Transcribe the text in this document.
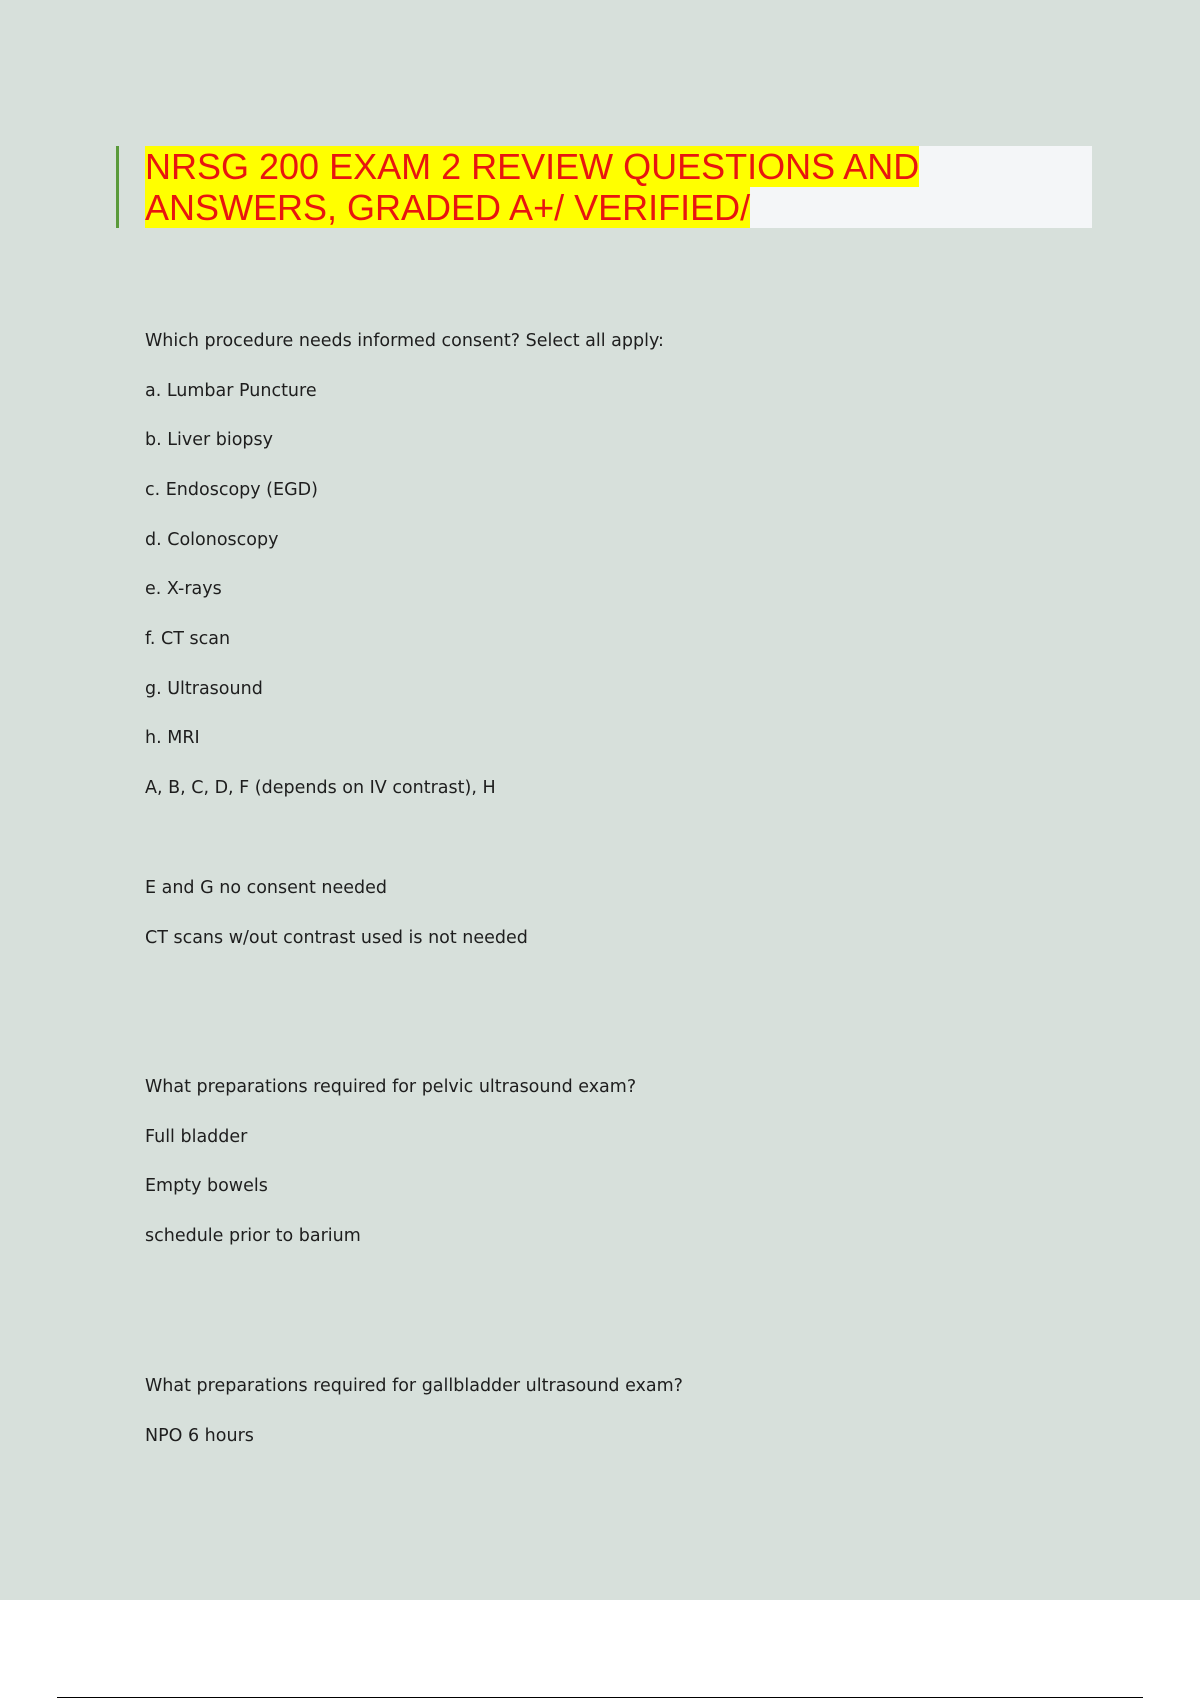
NRSG 200 EXAM 2 REVIEW QUESTIONS AND
ANSWERS, GRADED A+/ VERIFIED/

Which procedure needs informed consent? Select all apply:

a. Lumbar Puncture

b. Liver biopsy

c. Endoscopy (EGD)

d. Colonoscopy

e. X-rays

f. CT scan

g. Ultrasound

h. MRI

A, B, C, D, F (depends on IV contrast), H

E and G no consent needed

CT scans w/out contrast used is not needed

What preparations required for pelvic ultrasound exam?

Full bladder

Empty bowels

schedule prior to barium

What preparations required for gallbladder ultrasound exam?

NPO 6 hours
